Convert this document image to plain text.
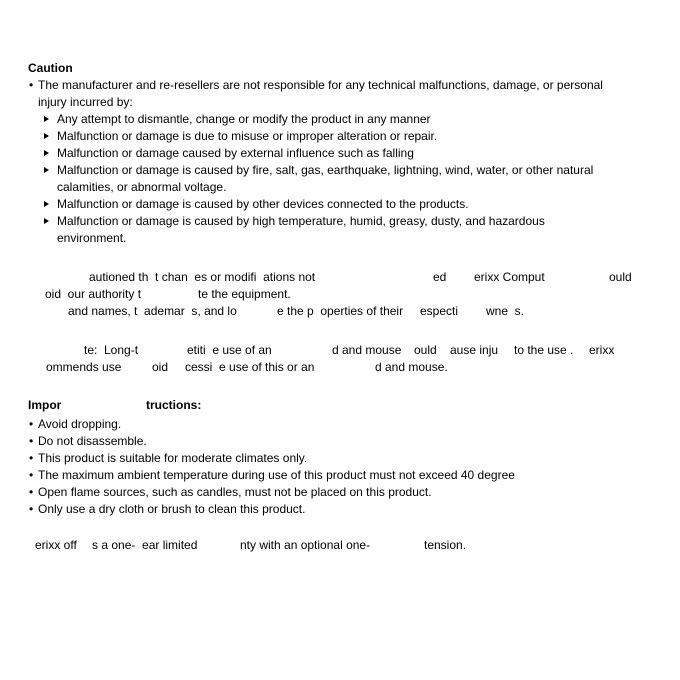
Caution
• The manufacturer and re-resellers are not responsible for any technical malfunctions, damage, or personal
injury incurred by:
Any attempt to dismantle, change or modify the product in any manner
Malfunction or damage is due to misuse or improper alteration or repair.
Malfunction or damage caused by external influence such as falling
Malfunction or damage is caused by fire, salt, gas, earthquake, lightning, wind, water, or other natural
calamities, or abnormal voltage.
Malfunction or damage is caused by other devices connected to the products.
Malfunction or damage is caused by high temperature, humid, greasy, dusty, and hazardous
environment.
autioned th  t chan  es or modifi  ations not	ed erixx Comput	ould
oid  our authority t	te the equipment.
and names, t  ademar  s, and lo	e the p  operties of their especti wne  s.
te:  Long-t	etiti  e use of an	d and mouse ould ause inju to the use . erixx
ommends use	oid cessi  e use of this or an	d and mouse.
Impor	tructions:
• Avoid dropping.
• Do not disassemble.
• This product is suitable for moderate climates only.
• The maximum ambient temperature during use of this product must not exceed 40 degree
• Open flame sources, such as candles, must not be placed on this product.
• Only use a dry cloth or brush to clean this product.
erixx off s a one-  ear limited	nty with an optional one-	tension.
